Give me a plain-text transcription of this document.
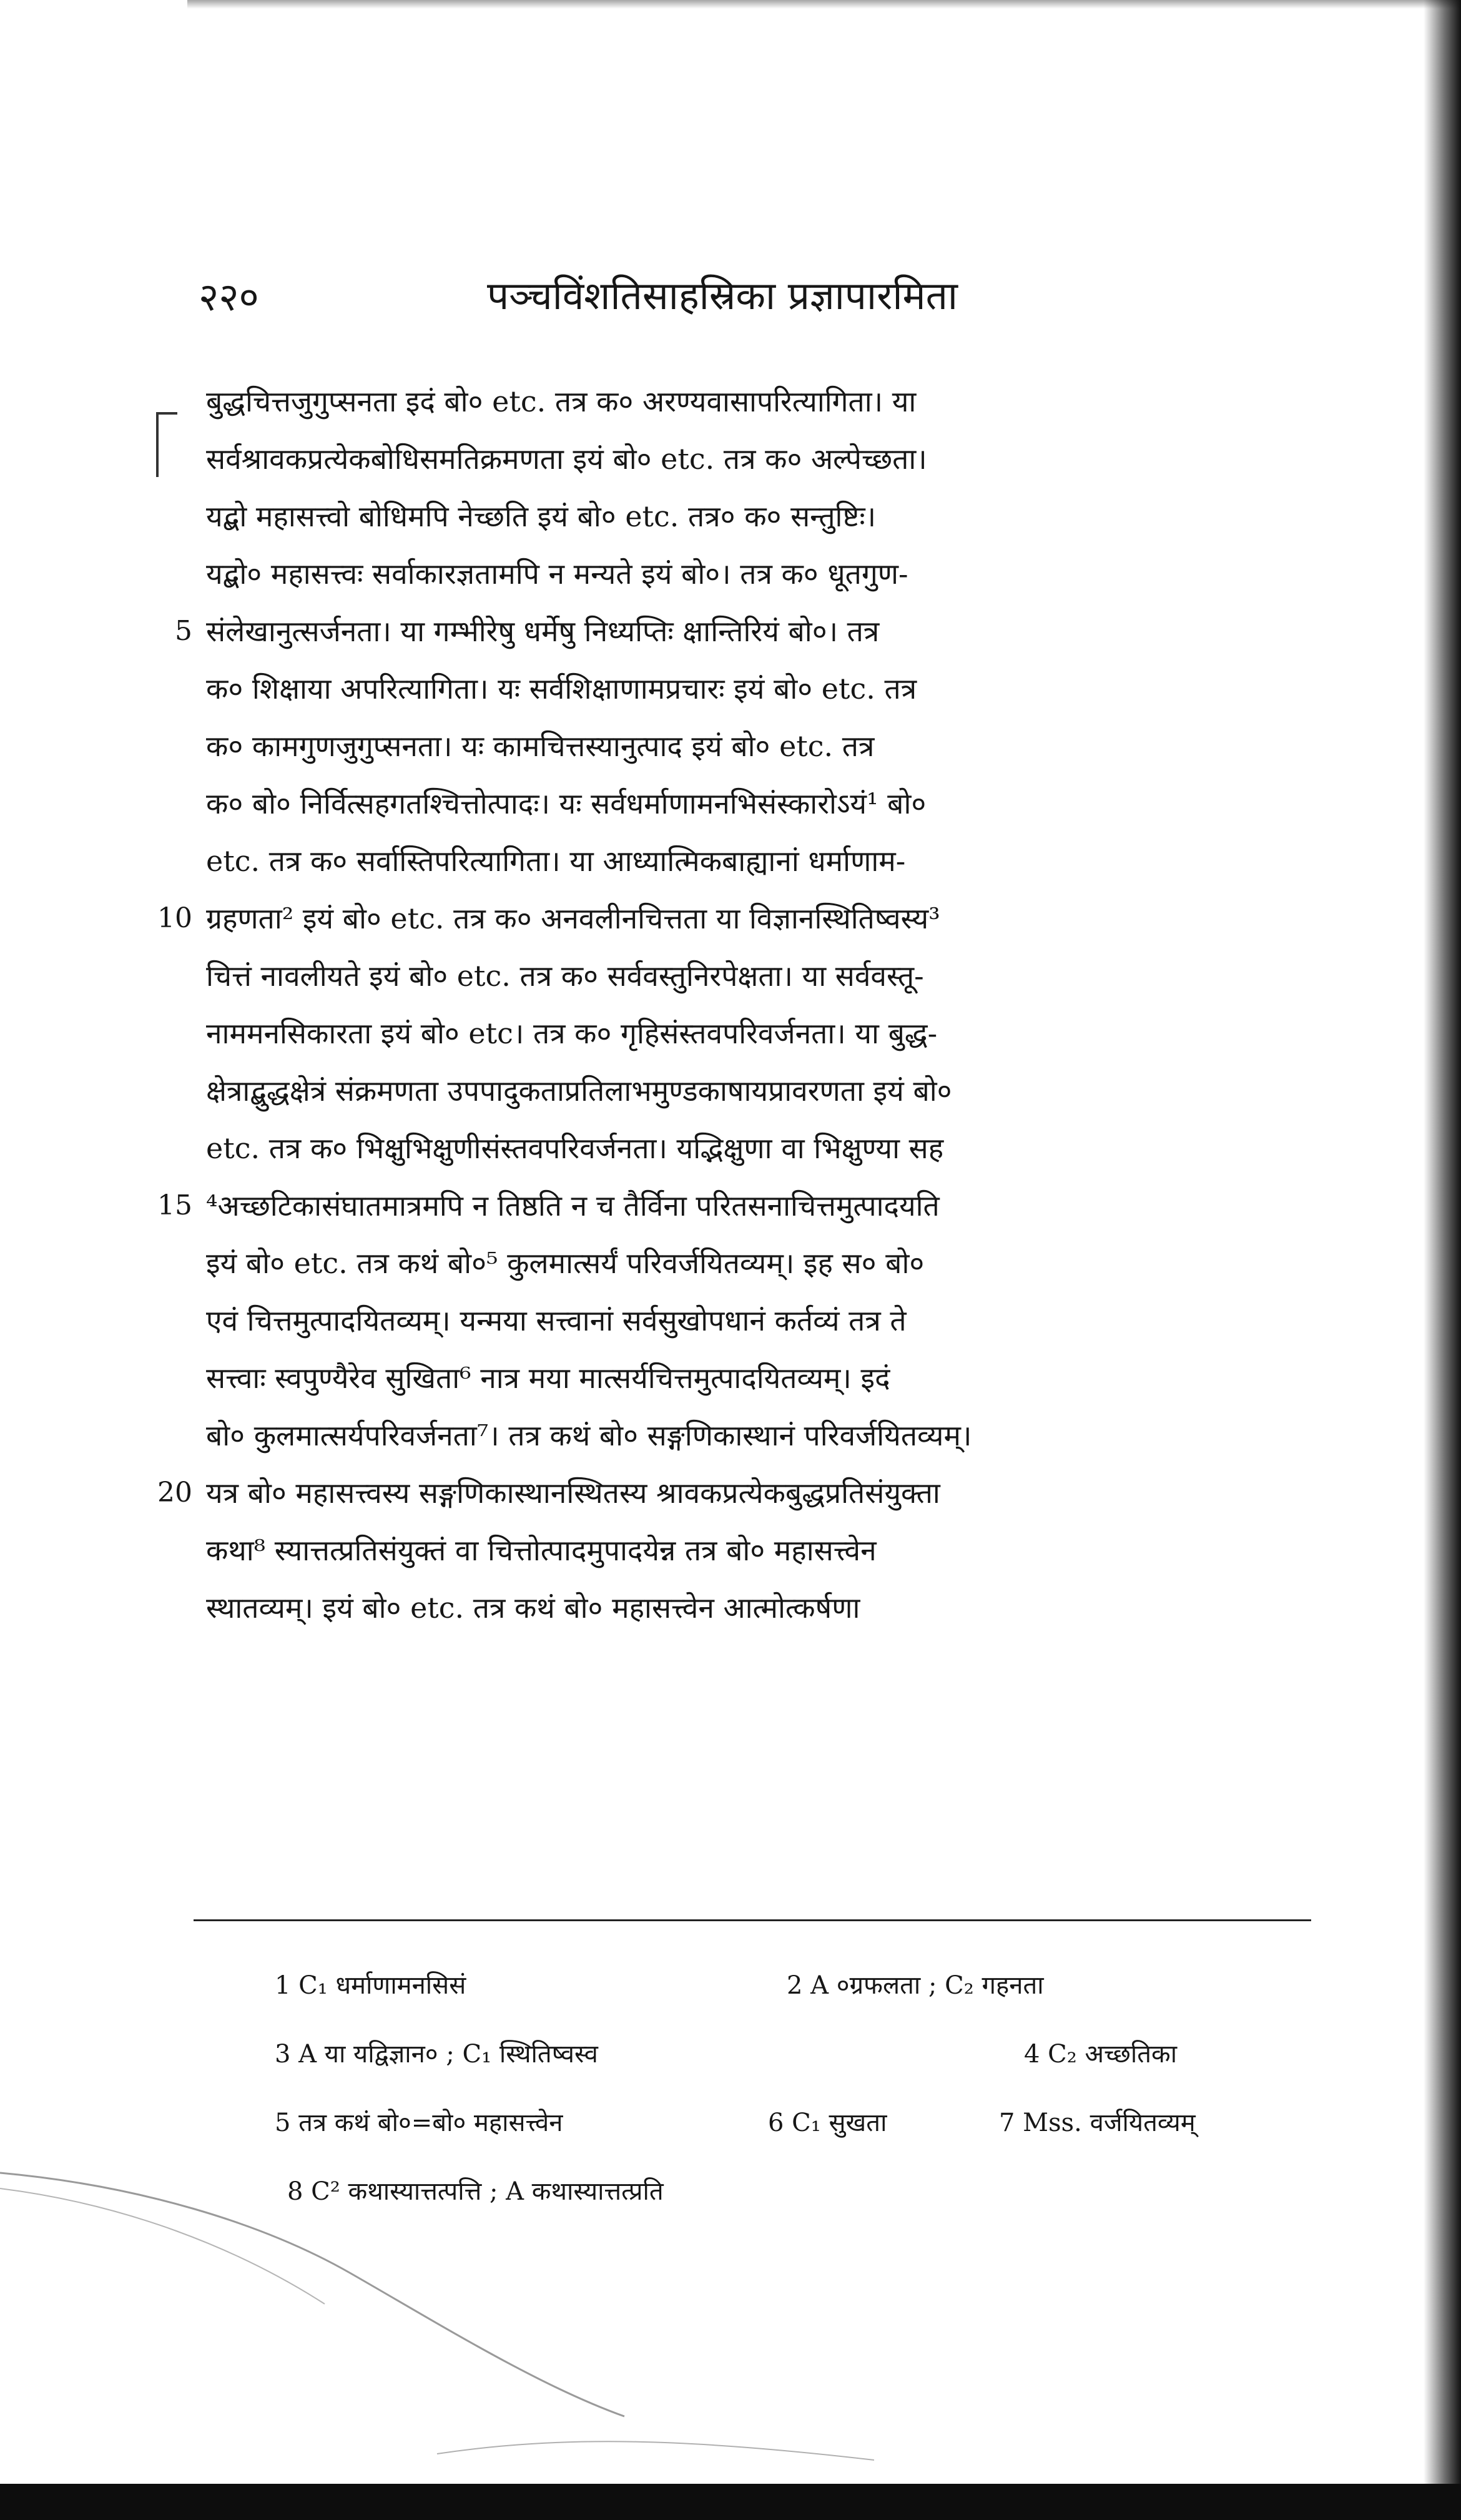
२२०	पञ्चविंशतिसाहस्रिका प्रज्ञापारमिता
बुद्धचित्तजुगुप्सनता इदं बो० etc. तत्र क० अरण्यवासापरित्यागिता। या
सर्वश्रावकप्रत्येकबोधिसमतिक्रमणता इयं बो० etc. तत्र क० अल्पेच्छता।
यद्बो महासत्त्वो बोधिमपि नेच्छति इयं बो० etc. तत्र० क० सन्तुष्टिः।
यद्बो० महासत्त्वः सर्वाकारज्ञतामपि न मन्यते इयं बो०। तत्र क० धूतगुण-
5 संलेखानुत्सर्जनता। या गम्भीरेषु धर्मेषु निध्यप्तिः क्षान्तिरियं बो०। तत्र
क० शिक्षाया अपरित्यागिता। यः सर्वशिक्षाणामप्रचारः इयं बो० etc. तत्र
क० कामगुणजुगुप्सनता। यः कामचित्तस्यानुत्पाद इयं बो० etc. तत्र
क० बो० निर्वित्सहगतश्चित्तोत्पादः। यः सर्वधर्माणामनभिसंस्कारोऽयं¹ बो०
etc. तत्र क० सर्वास्तिपरित्यागिता। या आध्यात्मिकबाह्यानां धर्माणाम-
10 ग्रहणता² इयं बो० etc. तत्र क० अनवलीनचित्तता या विज्ञानस्थितिष्वस्य³
चित्तं नावलीयते इयं बो० etc. तत्र क० सर्ववस्तुनिरपेक्षता। या सर्ववस्तू-
नाममनसिकारता इयं बो० etc। तत्र क० गृहिसंस्तवपरिवर्जनता। या बुद्ध-
क्षेत्राद्बुद्धक्षेत्रं संक्रमणता उपपादुकताप्रतिलाभमुण्डकाषायप्रावरणता इयं बो०
etc. तत्र क० भिक्षुभिक्षुणीसंस्तवपरिवर्जनता। यद्भिक्षुणा वा भिक्षुण्या सह
15 ⁴अच्छटिकासंघातमात्रमपि न तिष्ठति न च तैर्विना परितसनाचित्तमुत्पादयति
इयं बो० etc. तत्र कथं बो०⁵ कुलमात्सर्यं परिवर्जयितव्यम्। इह स० बो०
एवं चित्तमुत्पादयितव्यम्। यन्मया सत्त्वानां सर्वसुखोपधानं कर्तव्यं तत्र ते
सत्त्वाः स्वपुण्यैरेव सुखिता⁶ नात्र मया मात्सर्यचित्तमुत्पादयितव्यम्। इदं
बो० कुलमात्सर्यपरिवर्जनता⁷। तत्र कथं बो० सङ्गणिकास्थानं परिवर्जयितव्यम्।
20 यत्र बो० महासत्त्वस्य सङ्गणिकास्थानस्थितस्य श्रावकप्रत्येकबुद्धप्रतिसंयुक्ता
कथा⁸ स्यात्तत्प्रतिसंयुक्तं वा चित्तोत्पादमुपादयेन्न तत्र बो० महासत्त्वेन
स्थातव्यम्। इयं बो० etc. तत्र कथं बो० महासत्त्वेन आत्मोत्कर्षणा
1 C₁ धर्माणामनसिसं	2 A ०ग्रफलता ; C₂ गहनता
3 A या यद्विज्ञान० ; C₁ स्थितिष्वस्व	4 C₂ अच्छतिका
5 तत्र कथं बो०=बो० महासत्त्वेन	6 C₁ सुखता	7 Mss. वर्जयितव्यम्
8 C² कथास्यात्तत्पत्ति ; A कथास्यात्तत्प्रति
